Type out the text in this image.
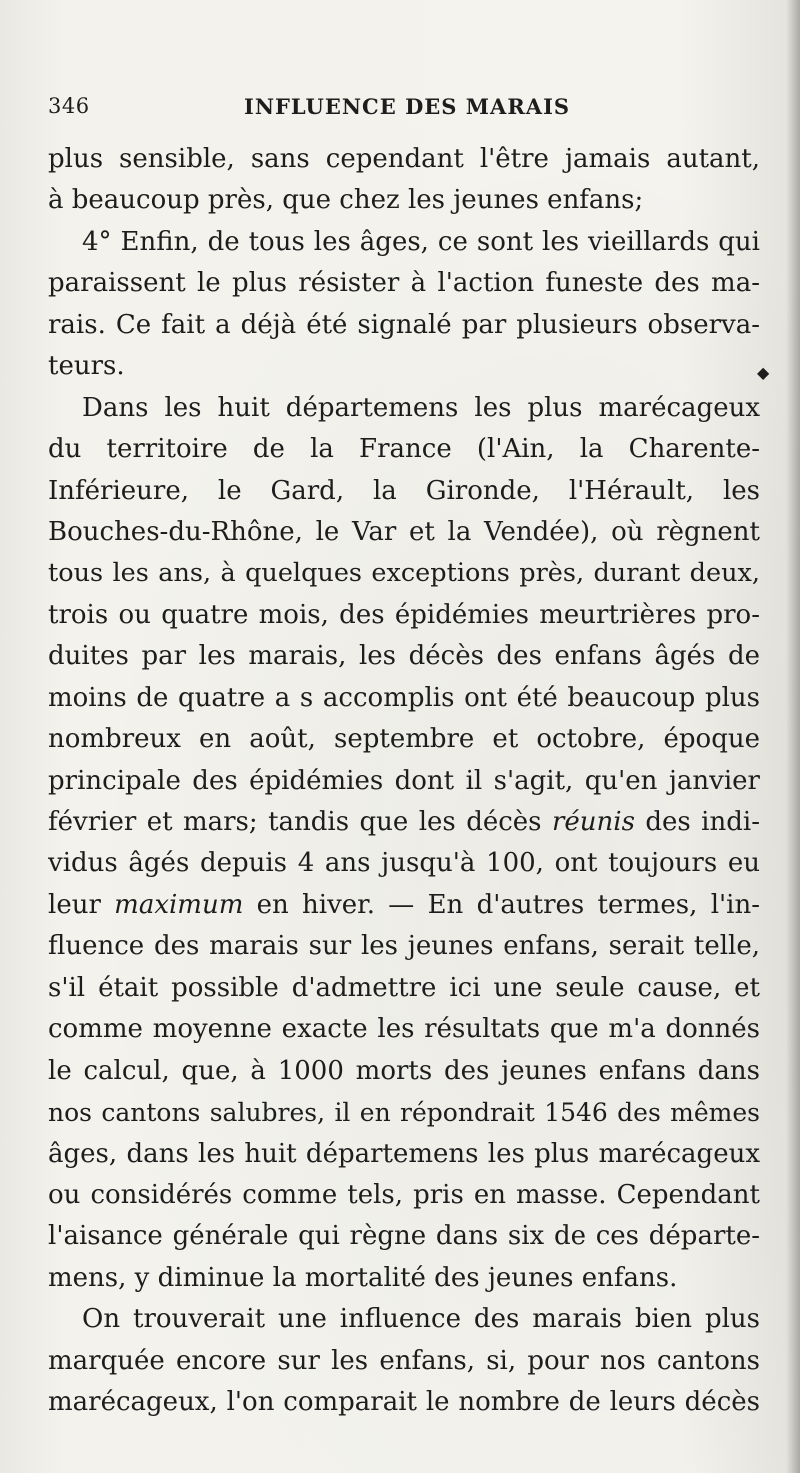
346	INFLUENCE DES MARAIS
plus sensible, sans cependant l'être jamais autant,
à beaucoup près, que chez les jeunes enfans;
4° Enfin, de tous les âges, ce sont les vieillards qui
paraissent le plus résister à l'action funeste des ma-
rais. Ce fait a déjà été signalé par plusieurs observa-
teurs.
Dans les huit départemens les plus marécageux
du territoire de la France (l'Ain, la Charente-
Inférieure, le Gard, la Gironde, l'Hérault, les
Bouches-du-Rhône, le Var et la Vendée), où règnent
tous les ans, à quelques exceptions près, durant deux,
trois ou quatre mois, des épidémies meurtrières pro-
duites par les marais, les décès des enfans âgés de
moins de quatre a s accomplis ont été beaucoup plus
nombreux en août, septembre et octobre, époque
principale des épidémies dont il s'agit, qu'en janvier
février et mars; tandis que les décès réunis des indi-
vidus âgés depuis 4 ans jusqu'à 100, ont toujours eu
leur maximum en hiver. — En d'autres termes, l'in-
fluence des marais sur les jeunes enfans, serait telle,
s'il était possible d'admettre ici une seule cause, et
comme moyenne exacte les résultats que m'a donnés
le calcul, que, à 1000 morts des jeunes enfans dans
nos cantons salubres, il en répondrait 1546 des mêmes
âges, dans les huit départemens les plus marécageux
ou considérés comme tels, pris en masse. Cependant
l'aisance générale qui règne dans six de ces départe-
mens, y diminue la mortalité des jeunes enfans.
On trouverait une influence des marais bien plus
marquée encore sur les enfans, si, pour nos cantons
marécageux, l'on comparait le nombre de leurs décès
◆
